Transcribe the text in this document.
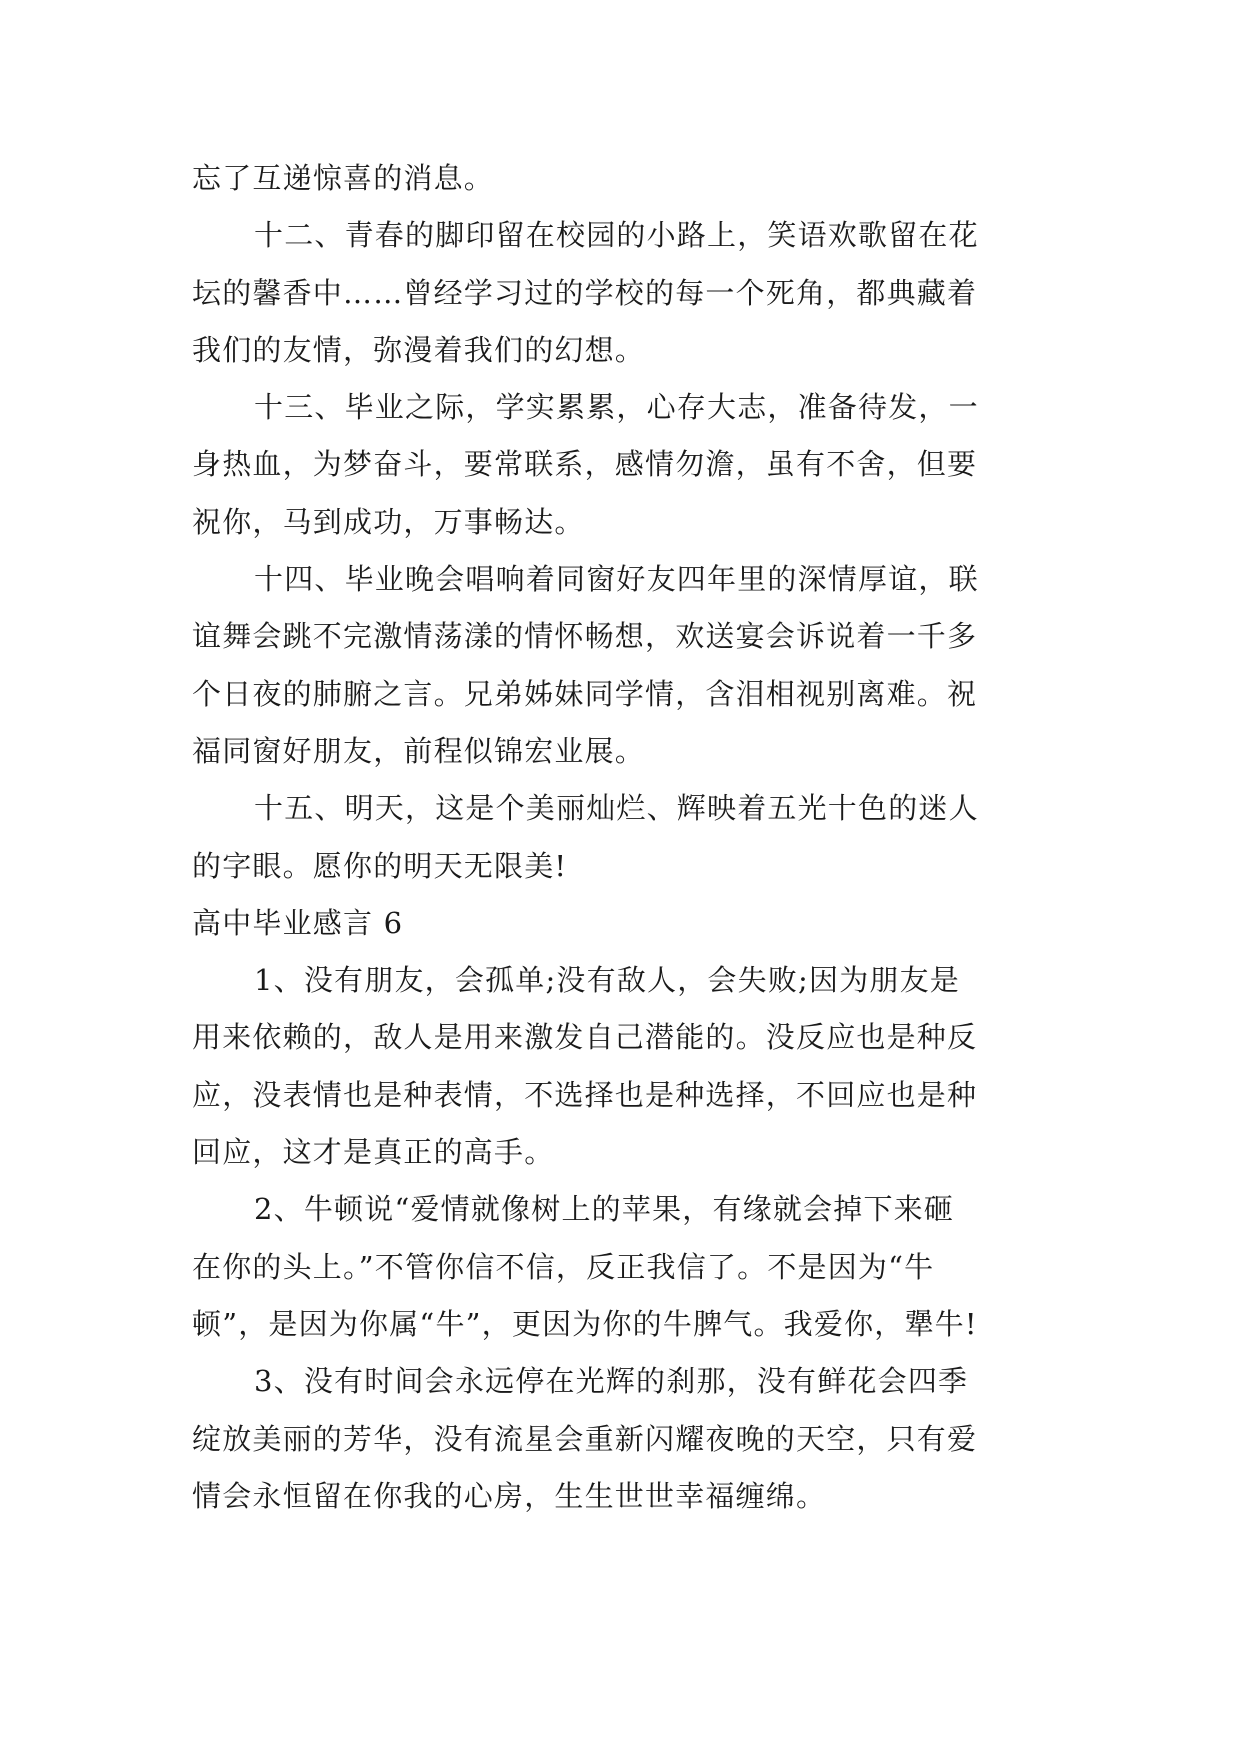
忘了互递惊喜的消息。
十二、青春的脚印留在校园的小路上，笑语欢歌留在花
坛的馨香中……曾经学习过的学校的每一个死角，都典藏着
我们的友情，弥漫着我们的幻想。
十三、毕业之际，学实累累，心存大志，准备待发，一
身热血，为梦奋斗，要常联系，感情勿澹，虽有不舍，但要
祝你，马到成功，万事畅达。
十四、毕业晚会唱响着同窗好友四年里的深情厚谊，联
谊舞会跳不完激情荡漾的情怀畅想，欢送宴会诉说着一千多
个日夜的肺腑之言。兄弟姊妹同学情，含泪相视别离难。祝
福同窗好朋友，前程似锦宏业展。
十五、明天，这是个美丽灿烂、辉映着五光十色的迷人
的字眼。愿你的明天无限美!
高中毕业感言 6
1、没有朋友，会孤单;没有敌人，会失败;因为朋友是
用来依赖的，敌人是用来激发自己潜能的。没反应也是种反
应，没表情也是种表情，不选择也是种选择，不回应也是种
回应，这才是真正的高手。
2、牛顿说“爱情就像树上的苹果，有缘就会掉下来砸
在你的头上。”不管你信不信，反正我信了。不是因为“牛
顿”，是因为你属“牛”，更因为你的牛脾气。我爱你，犟牛!
3、没有时间会永远停在光辉的刹那，没有鲜花会四季
绽放美丽的芳华，没有流星会重新闪耀夜晚的天空，只有爱
情会永恒留在你我的心房，生生世世幸福缠绵。
